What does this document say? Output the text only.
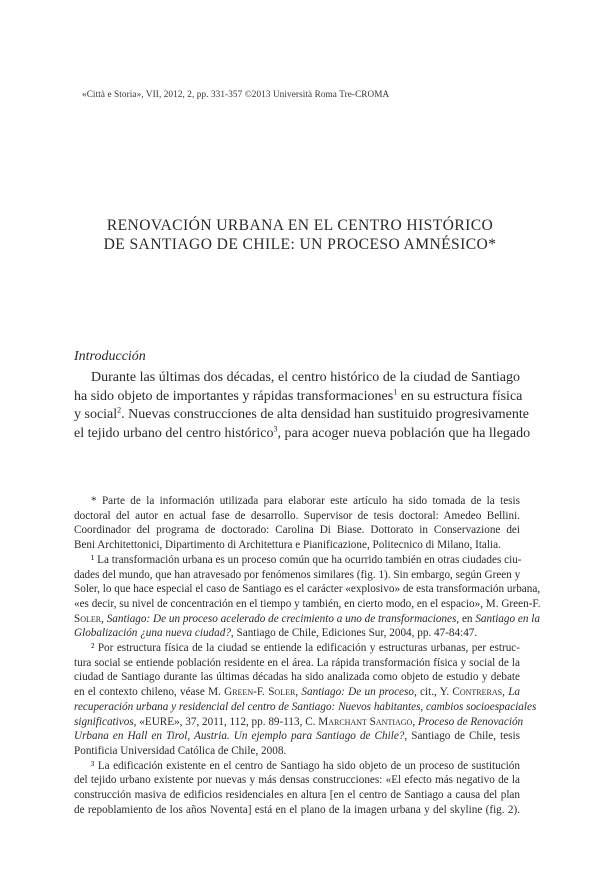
«Città e Storia», VII, 2012, 2, pp. 331-357 ©2013 Università Roma Tre-CROMA
RENOVACIÓN URBANA EN EL CENTRO HISTÓRICO
DE SANTIAGO DE CHILE: UN PROCESO AMNÉSICO*
Introducción
Durante las últimas dos décadas, el centro histórico de la ciudad de Santiago
ha sido objeto de importantes y rápidas transformaciones$^1$ en su estructura física
y social$^2$. Nuevas construcciones de alta densidad han sustituido progresivamente
el tejido urbano del centro histórico$^3$, para acoger nueva población que ha llegado
* Parte de la información utilizada para elaborar este artículo ha sido tomada de la tesis
doctoral del autor en actual fase de desarrollo. Supervisor de tesis doctoral: Amedeo Bellini.
Coordinador del programa de doctorado: Carolina Di Biase. Dottorato in Conservazione dei
Beni Architettonici, Dipartimento di Architettura e Pianificazione, Politecnico di Milano, Italia.
¹ La transformación urbana es un proceso común que ha ocurrido también en otras ciudades ciu-
dades del mundo, que han atravesado por fenómenos similares (fig. 1). Sin embargo, según Green y
Soler, lo que hace especial el caso de Santiago es el carácter «explosivo» de esta transformación urbana,
«es decir, su nivel de concentración en el tiempo y también, en cierto modo, en el espacio», M. Green-F.
Soler, Santiago: De un proceso acelerado de crecimiento a uno de transformaciones, en Santiago en la
Globalización ¿una nueva ciudad?, Santiago de Chile, Ediciones Sur, 2004, pp. 47-84:47.
² Por estructura física de la ciudad se entiende la edificación y estructuras urbanas, per estruc-
tura social se entiende población residente en el área. La rápida transformación física y social de la
ciudad de Santiago durante las últimas décadas ha sido analizada como objeto de estudio y debate
en el contexto chileno, véase M. Green-F. Soler, Santiago: De un proceso, cit., Y. Contreras, La
recuperación urbana y residencial del centro de Santiago: Nuevos habitantes, cambios socioespaciales
significativos, «EURE», 37, 2011, 112, pp. 89-113, C. Marchant Santiago, Proceso de Renovación
Urbana en Hall en Tirol, Austria. Un ejemplo para Santiago de Chile?, Santiago de Chile, tesis
Pontificia Universidad Católica de Chile, 2008.
³ La edificación existente en el centro de Santiago ha sido objeto de un proceso de sustitución
del tejido urbano existente por nuevas y más densas construcciones: «El efecto más negativo de la
construcción masiva de edificios residenciales en altura [en el centro de Santiago a causa del plan
de repoblamiento de los años Noventa] está en el plano de la imagen urbana y del skyline (fig. 2).
